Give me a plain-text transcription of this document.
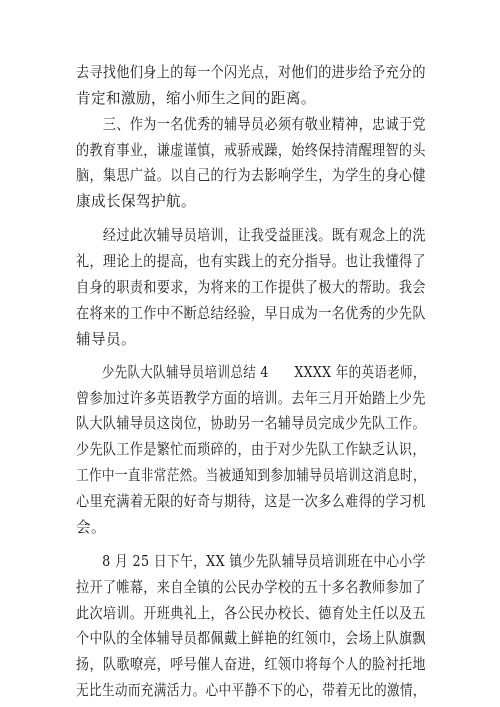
去寻找他们身上的每一个闪光点，对他们的进步给予充分的
肯定和激励，缩小师生之间的距离。
　　三、作为一名优秀的辅导员必须有敬业精神，忠诚于党
的教育事业，谦虚谨慎，戒骄戒躁，始终保持清醒理智的头
脑，集思广益。以自己的行为去影响学生，为学生的身心健
康成长保驾护航。
　　经过此次辅导员培训，让我受益匪浅。既有观念上的洗
礼，理论上的提高，也有实践上的充分指导。也让我懂得了
自身的职责和要求，为将来的工作提供了极大的帮助。我会
在将来的工作中不断总结经验，早日成为一名优秀的少先队
辅导员。
　　少先队大队辅导员培训总结 4　　XXXX 年的英语老师，
曾参加过许多英语教学方面的培训。去年三月开始踏上少先
队大队辅导员这岗位，协助另一名辅导员完成少先队工作。
少先队工作是繁忙而琐碎的，由于对少先队工作缺乏认识，
工作中一直非常茫然。当被通知到参加辅导员培训这消息时，
心里充满着无限的好奇与期待，这是一次多么难得的学习机
会。
　　8 月 25 日下午，XX 镇少先队辅导员培训班在中心小学
拉开了帷幕，来自全镇的公民办学校的五十多名教师参加了
此次培训。开班典礼上，各公民办校长、德育处主任以及五
个中队的全体辅导员都佩戴上鲜艳的红领巾，会场上队旗飘
扬，队歌嘹亮，呼号催人奋进，红领巾将每个人的脸衬托地
无比生动而充满活力。心中平静不下的心，带着无比的激情，
